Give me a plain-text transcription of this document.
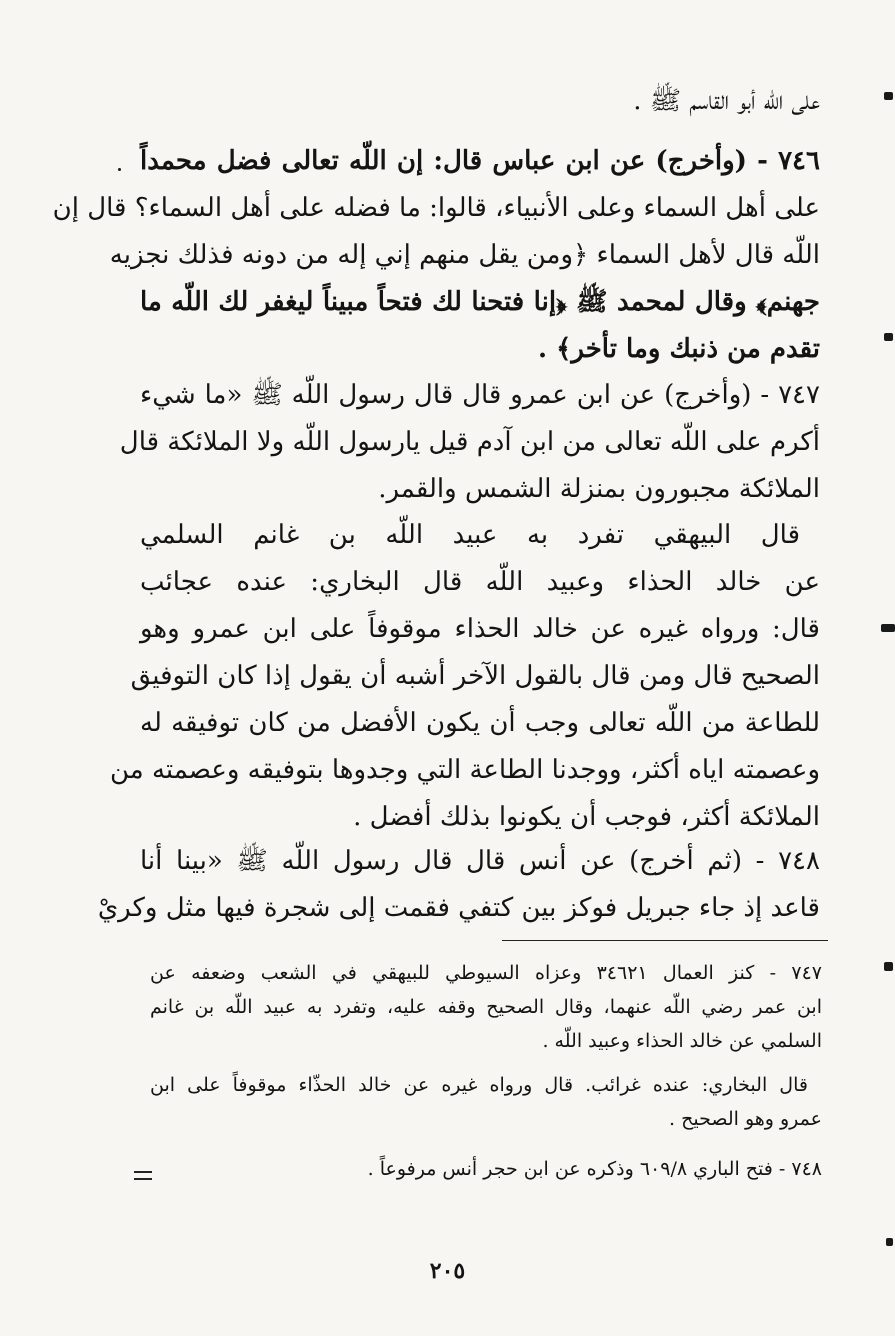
على اللّه أبو القاسم ﷺ .
٧٤٦ - (وأخرج) عن ابن عباس قال: إن اللّه تعالى فضل محمداً
على أهل السماء وعلى الأنبياء، قالوا: ما فضله على أهل السماء؟ قال إن
اللّه قال لأهل السماء ﴿ومن يقل منهم إني إله من دونه فذلك نجزيه
جهنم﴾ وقال لمحمد ﷺ ﴿إنا فتحنا لك فتحاً مبيناً ليغفر لك اللّه ما
تقدم من ذنبك وما تأخر﴾ .
٧٤٧ - (وأخرج) عن ابن عمرو قال قال رسول اللّه ﷺ «ما شيء
أكرم على اللّه تعالى من ابن آدم قيل يارسول اللّه ولا الملائكة قال
الملائكة مجبورون بمنزلة الشمس والقمر.
قال البيهقي تفرد به عبيد اللّه بن غانم السلمي
عن خالد الحذاء وعبيد اللّه قال البخاري: عنده عجائب
قال: ورواه غيره عن خالد الحذاء موقوفاً على ابن عمرو وهو
الصحيح قال ومن قال بالقول الآخر أشبه أن يقول إذا كان التوفيق
للطاعة من اللّه تعالى وجب أن يكون الأفضل من كان توفيقه له
وعصمته اياه أكثر، ووجدنا الطاعة التي وجدوها بتوفيقه وعصمته من
الملائكة أكثر، فوجب أن يكونوا بذلك أفضل .
٧٤٨ - (ثم أخرج) عن أنس قال قال رسول اللّه ﷺ «بينا أنا
قاعد إذ جاء جبريل فوكز بين كتفي فقمت إلى شجرة فيها مثل وكريْ
٧٤٧ - كنز العمال ٣٤٦٢١ وعزاه السيوطي للبيهقي في الشعب وضعفه عن
ابن عمر رضي اللّه عنهما، وقال الصحيح وقفه عليه، وتفرد به عبيد اللّه بن غانم
السلمي عن خالد الحذاء وعبيد اللّه .
قال البخاري: عنده غرائب. قال ورواه غيره عن خالد الحذّاء موقوفاً على ابن
عمرو وهو الصحيح .
٧٤٨ - فتح الباري ٦٠٩/٨ وذكره عن ابن حجر أنس مرفوعاً .
٢٠٥
